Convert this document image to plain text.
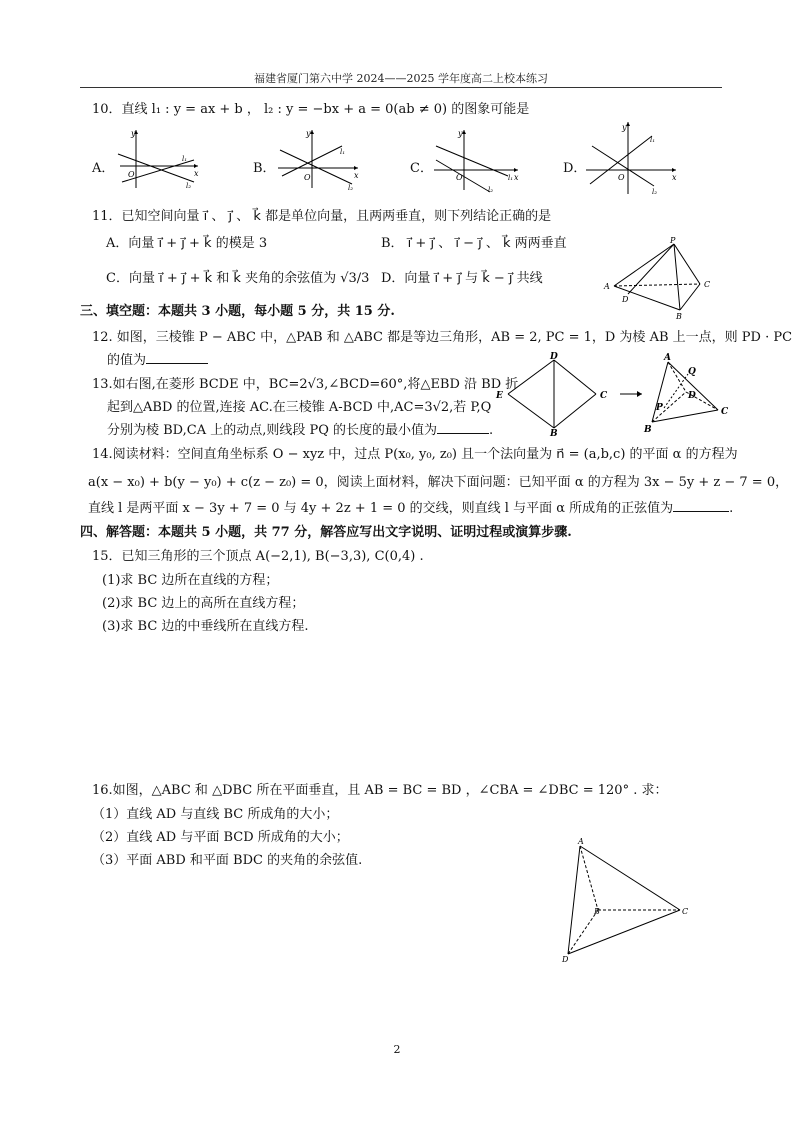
福建省厦门第六中学 2024——2025 学年度高二上校本练习
10．直线 l₁ : y = ax + b ， l₂ : y = −bx + a = 0(ab ≠ 0) 的图象可能是
A．
y
x
O
l₁
l₂
B．
y
x
O
l₁
l₂
C．
y
x
O	l₁
l₂
D．
y
x
O
l₁
l₂
11．已知空间向量 i⃗ 、 j⃗ 、 k⃗ 都是单位向量，且两两垂直，则下列结论正确的是
A．向量 i⃗ + j⃗ + k⃗ 的模是 3	B． i⃗ + j⃗ 、 i⃗ − j⃗ 、 k⃗ 两两垂直
C．向量 i⃗ + j⃗ + k⃗ 和 k⃗ 夹角的余弦值为 √3/3 D．向量 i⃗ + j⃗ 与 k⃗ − j⃗ 共线
P
A	C
B
D
三、填空题：本题共 3 小题，每小题 5 分，共 15 分.
12. 如图，三棱锥 P − ABC 中，△PAB 和 △ABC 都是等边三角形，AB = 2, PC = 1，D 为棱 AB 上一点，则 PD · PC
的值为
13.如右图,在菱形 BCDE 中，BC=2√3,∠BCD=60°,将△EBD 沿 BD 折
起到△ABD 的位置,连接 AC.在三棱锥 A-BCD 中,AC=3√2,若 P,Q
分别为棱 BD,CA 上的动点,则线段 PQ 的长度的最小值为	.
E
D
C
B
A
Q
D
P	C
B
14.阅读材料：空间直角坐标系 O − xyz 中，过点 P(x₀, y₀, z₀) 且一个法向量为 n⃗ = (a,b,c) 的平面 α 的方程为
a(x − x₀) + b(y − y₀) + c(z − z₀) = 0，阅读上面材料，解决下面问题：已知平面 α 的方程为 3x − 5y + z − 7 = 0，
直线 l 是两平面 x − 3y + 7 = 0 与 4y + 2z + 1 = 0 的交线，则直线 l 与平面 α 所成角的正弦值为	.
四、解答题：本题共 5 小题，共 77 分，解答应写出文字说明、证明过程或演算步骤.
15．已知三角形的三个顶点 A(−2,1), B(−3,3), C(0,4) .
(1)求 BC 边所在直线的方程；
(2)求 BC 边上的高所在直线方程；
(3)求 BC 边的中垂线所在直线方程.
16.如图，△ABC 和 △DBC 所在平面垂直，且 AB = BC = BD ，∠CBA = ∠DBC = 120° . 求：
（1）直线 AD 与直线 BC 所成角的大小；
（2）直线 AD 与平面 BCD 所成角的大小；
（3）平面 ABD 和平面 BDC 的夹角的余弦值.
A
B	C
D
2
